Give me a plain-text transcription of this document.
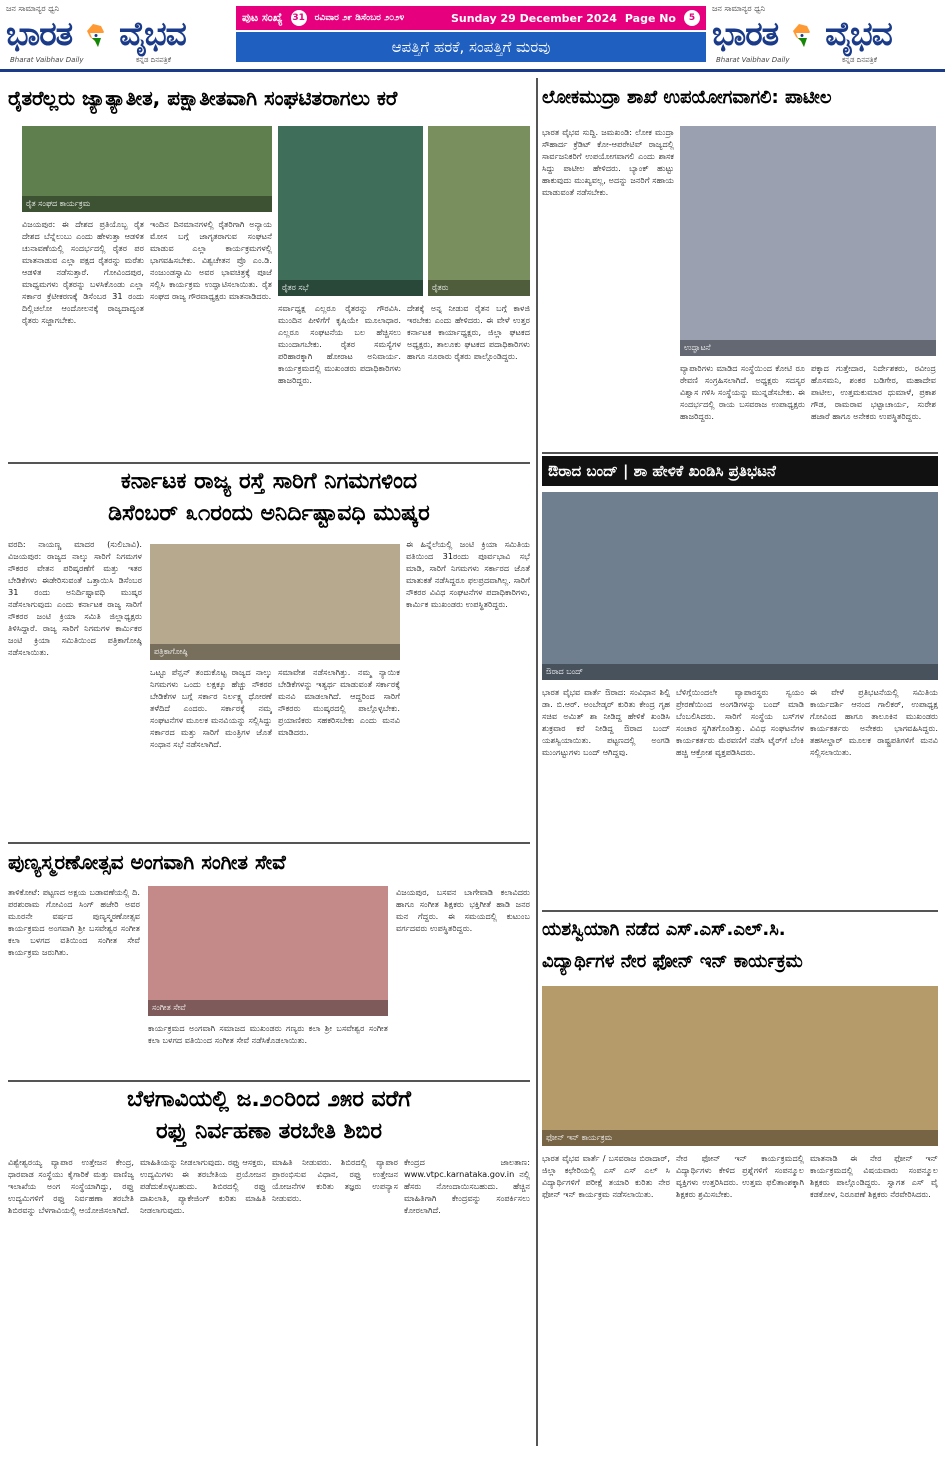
ಜನ ಸಾಮಾನ್ಯರ ಧ್ವನಿ
ಭಾರತ ವೈಭವ
Bharat Vaibhav Daily	ಕನ್ನಡ ದಿನಪತ್ರಿಕೆ
ಪುಟ ಸಂಖ್ಯೆ 31 ರವಿವಾರ ೨೯ ಡಿಸೆಂಬರ ೨೦೨೪	Sunday 29 December 2024 Page No	5
ಆಪತ್ತಿಗೆ ಹರಕೆ, ಸಂಪತ್ತಿಗೆ ಮರವು
ಜನ ಸಾಮಾನ್ಯರ ಧ್ವನಿ
ಭಾರತ ವೈಭವ
Bharat Vaibhav Daily	ಕನ್ನಡ ದಿನಪತ್ರಿಕೆ
ರೈತರೆಲ್ಲರು ಜ್ಯಾತ್ಯಾತೀತ, ಪಕ್ಷಾತೀತವಾಗಿ ಸಂಘಟಿತರಾಗಲು ಕರೆ
ರೈತ ಸಂಘದ ಕಾರ್ಯಕ್ರಮ
ರೈತರ ಸಭೆ	ರೈತರು
ವಿಜಯಪುರ: ಈ ದೇಶದ ಪ್ರತಿಯೊಬ್ಬ ರೈತ ದೇಶದ ಬೆನ್ನೆಲುಬು ಎಂದು ಹೇಳುತ್ತಾ ಆಡಳಿತ ಚುನಾವಣೆಯಲ್ಲಿ ಸಂದರ್ಭದಲ್ಲಿ ರೈತರ ಪರ ಮಾತನಾಡುವ ಎಲ್ಲಾ ಪಕ್ಷದ ರೈತರನ್ನು ಮರೆತು ಆಡಳಿತ ನಡೆಸುತ್ತಾರೆ. ಗೋವಿಂದಪುರ, ಮಾಧ್ಯಮಗಳು ರೈತರನ್ನು ಬಳಸಿಕೊಂಡು ಎಲ್ಲಾ ಸರ್ಕಾರ ಕ್ರೆಟೀಕರಣಕ್ಕೆ ಡಿಸೆಂಬರ 31 ರಂದು ದಿಲ್ಲಿಚಲೋ ಆಂದೋಲನಕ್ಕೆ ರಾಜ್ಯದಾದ್ಯಂತ ರೈತರು ಸಜ್ಜಾಗಬೇಕು.
ಇಂದಿನ ದಿನಮಾನಗಳಲ್ಲಿ ರೈತರಿಗಾಗಿ ಅನ್ಯಾಯ ಮೋಸ ಬಗ್ಗೆ ಜಾಗೃತರಾಗುವ ಸಂಘಟನೆ ಮಾಡುವ ಎಲ್ಲಾ ಕಾರ್ಯಕ್ರಮಗಳಲ್ಲಿ ಭಾಗವಹಿಸಬೇಕು. ವಿಶ್ವಚೇತನ ಪ್ರೊ ಎಂ.ಡಿ. ನಂಜುಂಡಸ್ವಾಮಿ ಅವರ ಭಾವಚಿತ್ರಕ್ಕೆ ಪೂಜೆ ಸಲ್ಲಿಸಿ ಕಾರ್ಯಕ್ರಮ ಉದ್ಘಾಟಿಸಲಾಯಿತು. ರೈತ ಸಂಘದ ರಾಜ್ಯ ಗೌರವಾಧ್ಯಕ್ಷರು ಮಾತನಾಡಿದರು.
ಸರ್ವಾಧ್ಯಕ್ಷ ಎಲ್ಲರೂ ರೈತರನ್ನು ಗೌರವಿಸಿ. ಮುಂದಿನ ಪೀಳಿಗೆಗೆ ಕೃಷಿಯೇ ಮೂಲಾಧಾರ. ಎಲ್ಲರೂ ಸಂಘಟನೆಯ ಬಲ ಹೆಚ್ಚಿಸಲು ಮುಂದಾಗಬೇಕು. ರೈತರ ಸಮಸ್ಯೆಗಳ ಪರಿಹಾರಕ್ಕಾಗಿ ಹೋರಾಟ ಅನಿವಾರ್ಯ. ಕಾರ್ಯಕ್ರಮದಲ್ಲಿ ಮುಖಂಡರು ಪದಾಧಿಕಾರಿಗಳು ಹಾಜರಿದ್ದರು.
ದೇಶಕ್ಕೆ ಅನ್ನ ನೀಡುವ ರೈತನ ಬಗ್ಗೆ ಕಾಳಜಿ ಇರಬೇಕು ಎಂದು ಹೇಳಿದರು. ಈ ವೇಳೆ ಉತ್ತರ ಕರ್ನಾಟಕ ಕಾರ್ಯಾಧ್ಯಕ್ಷರು, ಜಿಲ್ಲಾ ಘಟಕದ ಅಧ್ಯಕ್ಷರು, ತಾಲೂಕು ಘಟಕದ ಪದಾಧಿಕಾರಿಗಳು ಹಾಗೂ ನೂರಾರು ರೈತರು ಪಾಲ್ಗೊಂಡಿದ್ದರು.
ಲೋಕಮುದ್ರಾ ಶಾಖೆ ಉಪಯೋಗವಾಗಲಿ: ಪಾಟೀಲ
ಉದ್ಘಾಟನೆ
ಭಾರತ ವೈಭವ ಸುದ್ದಿ. ಜಮಖಂಡಿ: ಲೋಕ ಮುದ್ರಾ ಸೌಹಾರ್ದ ಕ್ರೆಡಿಟ್ ಕೋ-ಆಪರೇಟಿವ್ ರಾಜ್ಯದಲ್ಲಿ ಸಾರ್ವಜನಿಕರಿಗೆ ಉಪಯೋಗವಾಗಲಿ ಎಂದು ಶಾಸಕ ಸಿದ್ದು ಪಾಟೀಲ ಹೇಳಿದರು. ಬ್ಯಾಂಕ್ ಹುಟ್ಟು ಹಾಕುವುದು ಮುಖ್ಯವಲ್ಲ, ಅದನ್ನು ಜನರಿಗೆ ಸಹಾಯ ಮಾಡುವಂತೆ ನಡೆಸಬೇಕು.
ವ್ಯಾಪಾರಿಗಳು ಮಾಡಿದ ಸಂಸ್ಥೆಯಿಂದ ಕೋಟಿ ರೂ ಠೇವಣಿ ಸಂಗ್ರಹಿಸಲಾಗಿದೆ. ಅಧ್ಯಕ್ಷರು ಸದಸ್ಯರ ವಿಶ್ವಾಸ ಗಳಿಸಿ ಸಂಸ್ಥೆಯನ್ನು ಮುನ್ನಡೆಸಬೇಕು. ಈ ಸಂದರ್ಭದಲ್ಲಿ ರಾಯ ಬಸವರಾಜ ಉಪಾಧ್ಯಕ್ಷರು ಹಾಜರಿದ್ದರು.
ಪಕ್ಕಾದ ಗುತ್ತೇದಾರ, ನಿರ್ದೇಶಕರು, ರವೀಂದ್ರ ಹೊಸಮನಿ, ಶಂಕರ ಬಡಿಗೇರ, ಮಹಾದೇವ ಪಾಟೀಲ, ಉತ್ತಮಕುಮಾರ ಧುಮಾಳೆ, ಪ್ರಕಾಶ ಗೌಡ, ರಾಮರಾವ ಭಟ್ಟಾಚಾರ್ಯ, ಸುರೇಶ ಹಜಾರೆ ಹಾಗೂ ಅನೇಕರು ಉಪಸ್ಥಿತರಿದ್ದರು.
ಕರ್ನಾಟಕ ರಾಜ್ಯ ರಸ್ತೆ ಸಾರಿಗೆ ನಿಗಮಗಳಿಂದ
ಡಿಸೆಂಬರ್ ೩೧ರಂದು ಅನಿರ್ದಿಷ್ಟಾವಧಿ ಮುಷ್ಕರ
ಪತ್ರಿಕಾಗೋಷ್ಠಿ
ವರದಿ: ನಾಯಣ್ಣ ಮಾದರ (ಸುಲಿಬಾವಿ). ವಿಜಯಪುರ: ರಾಜ್ಯದ ನಾಲ್ಕು ಸಾರಿಗೆ ನಿಗಮಗಳ ನೌಕರರ ವೇತನ ಪರಿಷ್ಕರಣೆಗೆ ಮತ್ತು ಇತರ ಬೇಡಿಕೆಗಳು ಈಡೇರಿಸುವಂತೆ ಒತ್ತಾಯಿಸಿ ಡಿಸೆಂಬರ 31 ರಂದು ಅನಿರ್ದಿಷ್ಟಾವಧಿ ಮುಷ್ಕರ ನಡೆಸಲಾಗುವುದು ಎಂದು ಕರ್ನಾಟಕ ರಾಜ್ಯ ಸಾರಿಗೆ ನೌಕರರ ಜಂಟಿ ಕ್ರಿಯಾ ಸಮಿತಿ ಜಿಲ್ಲಾಧ್ಯಕ್ಷರು ತಿಳಿಸಿದ್ದಾರೆ. ರಾಜ್ಯ ಸಾರಿಗೆ ನಿಗಮಗಳ ಕಾರ್ಮಿಕರ ಜಂಟಿ ಕ್ರಿಯಾ ಸಮಿತಿಯಿಂದ ಪತ್ರಿಕಾಗೋಷ್ಠಿ ನಡೆಸಲಾಯಿತು.
ಒಟ್ಟೂ ಪೆನ್ಷನ್ ತಂದುಕೊಟ್ಟ ರಾಜ್ಯದ ನಾಲ್ಕು ನಿಗಮಗಳು ಒಂದು ಲಕ್ಷಕ್ಕೂ ಹೆಚ್ಚು ನೌಕರರ ಬೇಡಿಕೆಗಳ ಬಗ್ಗೆ ಸರ್ಕಾರ ನಿರ್ಲಕ್ಷ್ಯ ಧೋರಣೆ ತಳೆದಿದೆ ಎಂದರು. ಸರ್ಕಾರಕ್ಕೆ ನಮ್ಮ ಸಂಘಟನೆಗಳ ಮೂಲಕ ಮನವಿಯನ್ನು ಸಲ್ಲಿಸಿದ್ದು ಸರ್ಕಾರದ ಮತ್ತು ಸಾರಿಗೆ ಮಂತ್ರಿಗಳ ಜೊತೆ ಸಂಧಾನ ಸಭೆ ನಡೆಸಲಾಗಿದೆ.
ಸಮಾವೇಶ ನಡೆಸಲಾಗಿತ್ತು. ನಮ್ಮ ನ್ಯಾಯಿಕ ಬೇಡಿಕೆಗಳನ್ನು ಇತ್ಯರ್ಥ ಮಾಡುವಂತೆ ಸರ್ಕಾರಕ್ಕೆ ಮನವಿ ಮಾಡಲಾಗಿದೆ. ಆದ್ದರಿಂದ ಸಾರಿಗೆ ನೌಕರರು ಮುಷ್ಕರದಲ್ಲಿ ಪಾಲ್ಗೊಳ್ಳಬೇಕು. ಪ್ರಯಾಣಿಕರು ಸಹಕರಿಸಬೇಕು ಎಂದು ಮನವಿ ಮಾಡಿದರು.
ಈ ಹಿನ್ನೆಲೆಯಲ್ಲಿ ಜಂಟಿ ಕ್ರಿಯಾ ಸಮಿತಿಯ ವತಿಯಿಂದ 31ರಂದು ಪೂರ್ವಭಾವಿ ಸಭೆ ಮಾಡಿ, ಸಾರಿಗೆ ನಿಗಮಗಳು ಸರ್ಕಾರದ ಜೊತೆ ಮಾತುಕತೆ ನಡೆಸಿದ್ದರೂ ಫಲಪ್ರದವಾಗಿಲ್ಲ. ಸಾರಿಗೆ ನೌಕರರ ವಿವಿಧ ಸಂಘಟನೆಗಳ ಪದಾಧಿಕಾರಿಗಳು, ಕಾರ್ಮಿಕ ಮುಖಂಡರು ಉಪಸ್ಥಿತರಿದ್ದರು.
ಔರಾದ ಬಂದ್ | ಶಾ ಹೇಳಿಕೆ ಖಂಡಿಸಿ ಪ್ರತಿಭಟನೆ
ಔರಾದ ಬಂದ್
ಭಾರತ ವೈಭವ ವಾರ್ತೆ ಔರಾದ: ಸಂವಿಧಾನ ಶಿಲ್ಪಿ ಡಾ. ಬಿ.ಆರ್. ಅಂಬೇಡ್ಕರ್ ಕುರಿತು ಕೇಂದ್ರ ಗೃಹ ಸಚಿವ ಅಮಿತ್ ಶಾ ನೀಡಿದ್ದ ಹೇಳಿಕೆ ಖಂಡಿಸಿ ಶುಕ್ರವಾರ ಕರೆ ನೀಡಿದ್ದ ಔರಾದ ಬಂದ್ ಯಶಸ್ವಿಯಾಯಿತು. ಪಟ್ಟಣದಲ್ಲಿ ಅಂಗಡಿ ಮುಂಗಟ್ಟುಗಳು ಬಂದ್ ಆಗಿದ್ದವು.
ಬೆಳಿಗ್ಗೆಯಿಂದಲೇ ವ್ಯಾಪಾರಸ್ಥರು ಸ್ವಯಂ ಪ್ರೇರಣೆಯಿಂದ ಅಂಗಡಿಗಳನ್ನು ಬಂದ್ ಮಾಡಿ ಬೆಂಬಲಿಸಿದರು. ಸಾರಿಗೆ ಸಂಸ್ಥೆಯ ಬಸ್‌ಗಳ ಸಂಚಾರ ಸ್ಥಗಿತಗೊಂಡಿತ್ತು. ವಿವಿಧ ಸಂಘಟನೆಗಳ ಕಾರ್ಯಕರ್ತರು ಮೆರವಣಿಗೆ ನಡೆಸಿ ಟೈರ್‌ಗೆ ಬೆಂಕಿ ಹಚ್ಚಿ ಆಕ್ರೋಶ ವ್ಯಕ್ತಪಡಿಸಿದರು.
ಈ ವೇಳೆ ಪ್ರತಿಭಟನೆಯಲ್ಲಿ ಸಮಿತಿಯ ಕಾರ್ಯದರ್ಶಿ ಆನಂದ ಗಾಲಿಕರ್, ಉಪಾಧ್ಯಕ್ಷ ಗೋವಿಂದ ಹಾಗೂ ತಾಲೂಕಿನ ಮುಖಂಡರು ಕಾರ್ಯಕರ್ತರು ಅನೇಕರು ಭಾಗವಹಿಸಿದ್ದರು. ತಹಸೀಲ್ದಾರ್ ಮೂಲಕ ರಾಷ್ಟ್ರಪತಿಗಳಿಗೆ ಮನವಿ ಸಲ್ಲಿಸಲಾಯಿತು.
ಪುಣ್ಯಸ್ಮರಣೋತ್ಸವ ಅಂಗವಾಗಿ ಸಂಗೀತ ಸೇವೆ
ಸಂಗೀತ ಸೇವೆ
ತಾಳಿಕೋಟೆ: ಪಟ್ಟಣದ ಅಕ್ಷಯ ಬಡಾವಣೆಯಲ್ಲಿ ದಿ. ಪರಶುರಾಮ ಗೋವಿಂದ ಸಿಂಗ್ ಹಜೇರಿ ಅವರ ಮೂರನೇ ವರ್ಷದ ಪುಣ್ಯಸ್ಮರಣೋತ್ಸವ ಕಾರ್ಯಕ್ರಮದ ಅಂಗವಾಗಿ ಶ್ರೀ ಬಸವೇಶ್ವರ ಸಂಗೀತ ಕಲಾ ಬಳಗದ ವತಿಯಿಂದ ಸಂಗೀತ ಸೇವೆ ಕಾರ್ಯಕ್ರಮ ಜರುಗಿತು.
ಕಾರ್ಯಕ್ರಮದ ಅಂಗವಾಗಿ ಸಮಾಜದ ಮುಖಂಡರು ಗಣ್ಯರು ಕಲಾ ಶ್ರೀ ಬಸವೇಶ್ವರ ಸಂಗೀತ ಕಲಾ ಬಳಗದ ವತಿಯಿಂದ ಸಂಗೀತ ಸೇವೆ ನಡೆಸಿಕೊಡಲಾಯಿತು.
ವಿಜಯಪುರ, ಬಸವನ ಬಾಗೇವಾಡಿ ಕಲಾವಿದರು ಹಾಗೂ ಸಂಗೀತ ಶಿಕ್ಷಕರು ಭಕ್ತಿಗೀತೆ ಹಾಡಿ ಜನರ ಮನ ಗೆದ್ದರು. ಈ ಸಮಯದಲ್ಲಿ ಕುಟುಂಬ ವರ್ಗದವರು ಉಪಸ್ಥಿತರಿದ್ದರು.	ಯಶಸ್ವಿಯಾಗಿ ನಡೆದ ಎಸ್.ಎಸ್.ಎಲ್.ಸಿ.
ವಿದ್ಯಾರ್ಥಿಗಳ ನೇರ ಫೋನ್ ಇನ್ ಕಾರ್ಯಕ್ರಮ
ಫೋನ್ ಇನ್ ಕಾರ್ಯಕ್ರಮ
ಭಾರತ ವೈಭವ ವಾರ್ತೆ / ಬಸವರಾಜ ಬಿರಾದಾರ್, ಜಿಲ್ಲಾ ಕಛೇರಿಯಲ್ಲಿ ಎಸ್ ಎಸ್ ಎಲ್ ಸಿ ವಿದ್ಯಾರ್ಥಿಗಳಿಗೆ ಪರೀಕ್ಷೆ ತಯಾರಿ ಕುರಿತು ನೇರ ಫೋನ್ ಇನ್ ಕಾರ್ಯಕ್ರಮ ನಡೆಸಲಾಯಿತು.
ನೇರ ಫೋನ್ ಇನ್ ಕಾರ್ಯಕ್ರಮದಲ್ಲಿ ವಿದ್ಯಾರ್ಥಿಗಳು ಕೇಳಿದ ಪ್ರಶ್ನೆಗಳಿಗೆ ಸಂಪನ್ಮೂಲ ವ್ಯಕ್ತಿಗಳು ಉತ್ತರಿಸಿದರು. ಉತ್ತಮ ಫಲಿತಾಂಶಕ್ಕಾಗಿ ಶಿಕ್ಷಕರು ಶ್ರಮಿಸಬೇಕು.
ಮಾತನಾಡಿ ಈ ನೇರ ಫೋನ್ ಇನ್ ಕಾರ್ಯಕ್ರಮದಲ್ಲಿ ವಿಷಯವಾರು ಸಂಪನ್ಮೂಲ ಶಿಕ್ಷಕರು ಪಾಲ್ಗೊಂಡಿದ್ದರು. ಸ್ವಾಗತ ಎಸ್ ವೈ ಕಡಕೋಳ, ನಿರೂಪಣೆ ಶಿಕ್ಷಕರು ನೆರವೇರಿಸಿದರು.
ಬೆಳಗಾವಿಯಲ್ಲಿ ಜ.೨೦ರಿಂದ ೨೫ರ ವರೆಗೆ
ರಫ್ತು ನಿರ್ವಹಣಾ ತರಬೇತಿ ಶಿಬಿರ
ವಿಶ್ವೇಶ್ವರಯ್ಯ ವ್ಯಾಪಾರ ಉತ್ತೇಜನ ಕೇಂದ್ರ, ಧಾರವಾಡ ಸಂಸ್ಥೆಯು ಕೈಗಾರಿಕೆ ಮತ್ತು ವಾಣಿಜ್ಯ ಇಲಾಖೆಯ ಅಂಗ ಸಂಸ್ಥೆಯಾಗಿದ್ದು, ರಫ್ತು ಉದ್ಯಮಿಗಳಿಗೆ ರಫ್ತು ನಿರ್ವಹಣಾ ತರಬೇತಿ ಶಿಬಿರವನ್ನು ಬೆಳಗಾವಿಯಲ್ಲಿ ಆಯೋಜಿಸಲಾಗಿದೆ.
ಮಾಹಿತಿಯನ್ನು ನೀಡಲಾಗುವುದು. ರಫ್ತು ಆಸಕ್ತರು, ಉದ್ಯಮಿಗಳು ಈ ತರಬೇತಿಯ ಪ್ರಯೋಜನ ಪಡೆದುಕೊಳ್ಳಬಹುದು. ಶಿಬಿರದಲ್ಲಿ ರಫ್ತು ದಾಖಲಾತಿ, ಪ್ಯಾಕೇಜಿಂಗ್ ಕುರಿತು ಮಾಹಿತಿ ನೀಡಲಾಗುವುದು.
ಮಾಹಿತಿ ನೀಡುವರು. ಶಿಬಿರದಲ್ಲಿ ವ್ಯಾಪಾರ ಪ್ರಾರಂಭಿಸುವ ವಿಧಾನ, ರಫ್ತು ಉತ್ತೇಜನ ಯೋಜನೆಗಳ ಕುರಿತು ತಜ್ಞರು ಉಪನ್ಯಾಸ ನೀಡುವರು.
ಕೇಂದ್ರದ ಜಾಲತಾಣ: www.vtpc.karnataka.gov.in ನಲ್ಲಿ ಹೆಸರು ನೋಂದಾಯಿಸಬಹುದು. ಹೆಚ್ಚಿನ ಮಾಹಿತಿಗಾಗಿ ಕೇಂದ್ರವನ್ನು ಸಂಪರ್ಕಿಸಲು ಕೋರಲಾಗಿದೆ.
